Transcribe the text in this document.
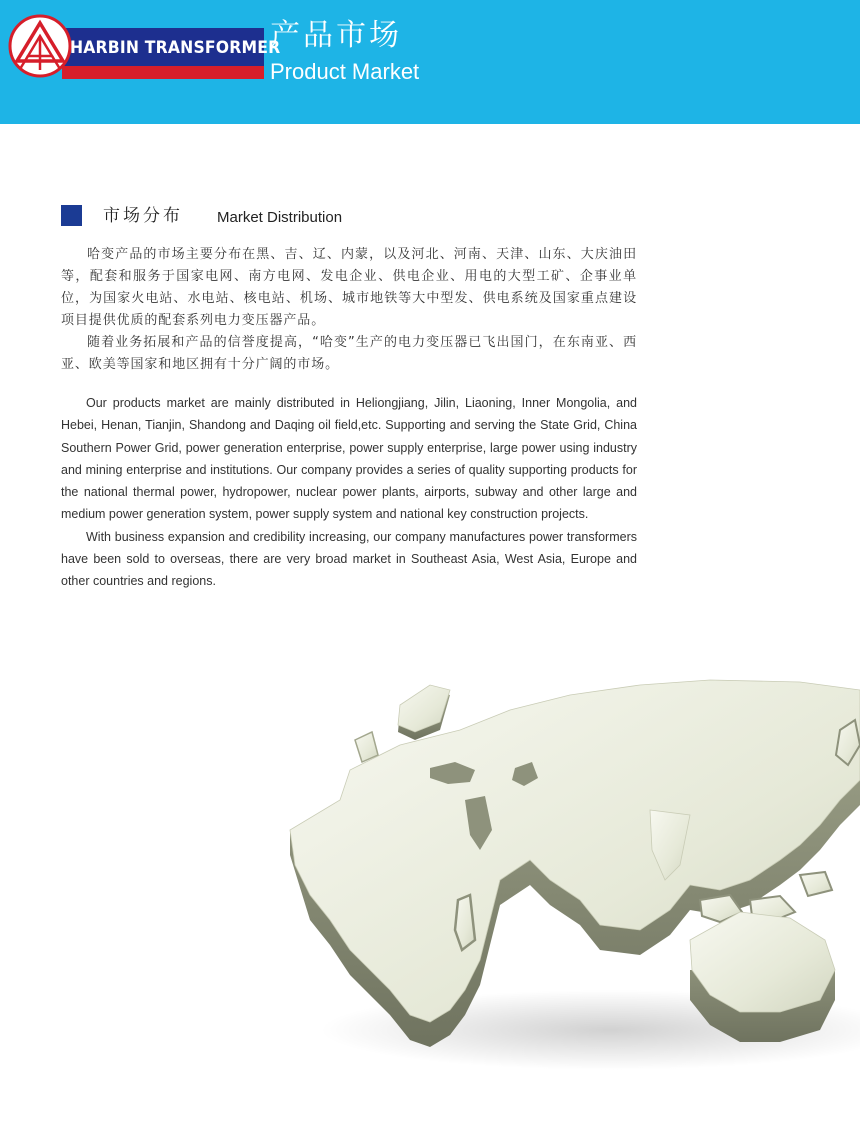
HARBIN TRANSFORMER
产品市场
Product Market
市场分布 Market Distribution

哈变产品的市场主要分布在黑、吉、辽、内蒙，以及河北、河南、天津、山东、大庆油田等，配套和服务于国家电网、南方电网、发电企业、供电企业、用电的大型工矿、企事业单位，为国家火电站、水电站、核电站、机场、城市地铁等大中型发、供电系统及国家重点建设项目提供优质的配套系列电力变压器产品。

随着业务拓展和产品的信誉度提高，“哈变”生产的电力变压器已飞出国门，在东南亚、西亚、欧美等国家和地区拥有十分广阔的市场。

Our products market are mainly distributed in Heliongjiang, Jilin, Liaoning, Inner Mongolia, and Hebei, Henan, Tianjin, Shandong and Daqing oil field,etc. Supporting and serving the State Grid, China Southern Power Grid, power generation enterprise, power supply enterprise, large power using industry and mining enterprise and institutions. Our company provides a series of quality supporting products for the national thermal power, hydropower, nuclear power plants, airports, subway and other large and medium power generation system, power supply system and national key construction projects.

With business expansion and credibility increasing, our company manufactures power transformers have been sold to overseas, there are very broad market in Southeast Asia, West Asia, Europe and other countries and regions.
